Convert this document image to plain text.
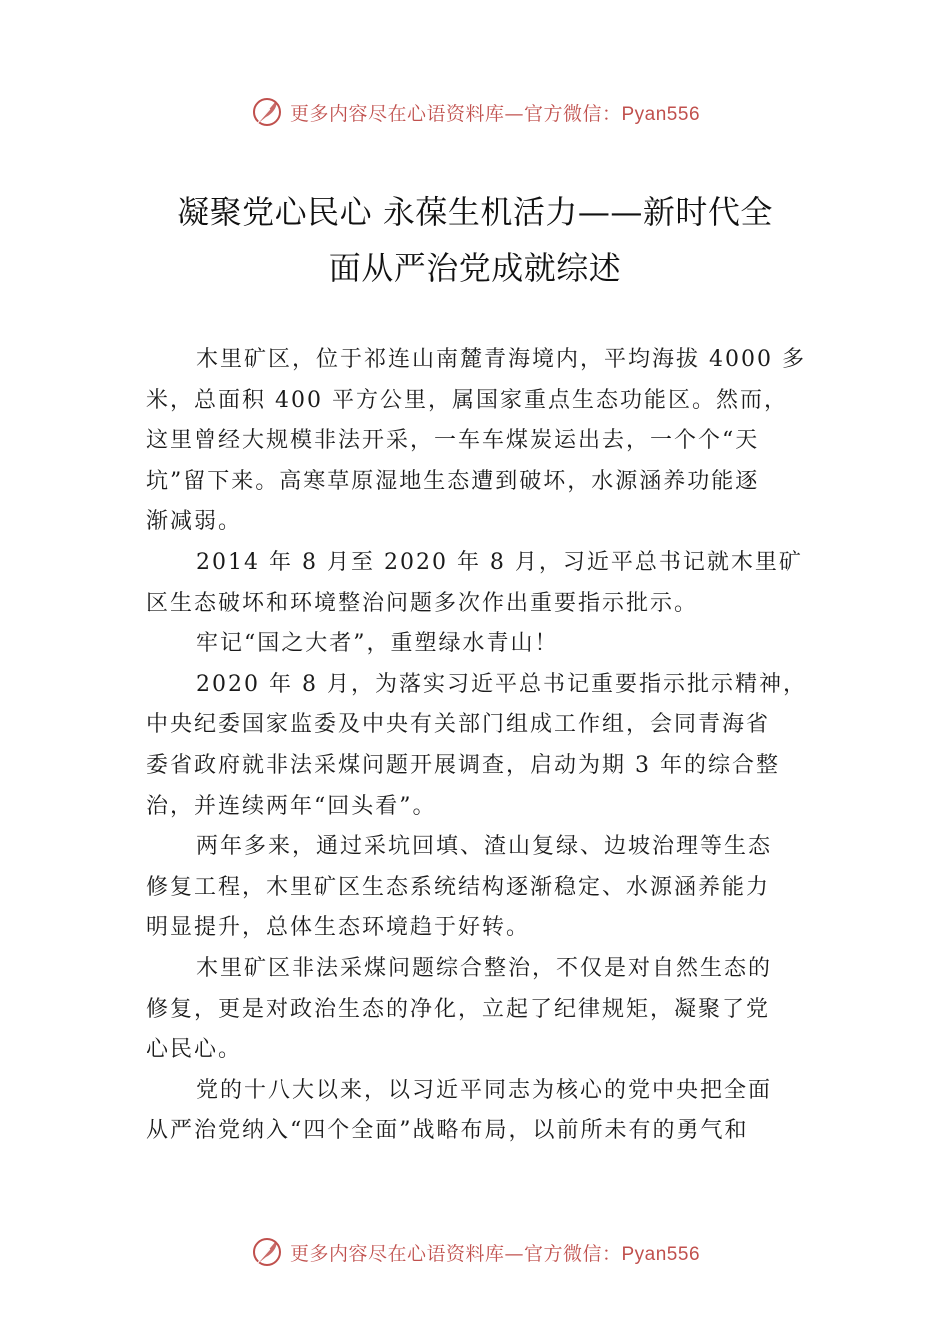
更多内容尽在心语资料库—官方微信：Pyan556
凝聚党心民心 永葆生机活力——新时代全
面从严治党成就综述
木里矿区，位于祁连山南麓青海境内，平均海拔 4000 多
米，总面积 400 平方公里，属国家重点生态功能区。然而，
这里曾经大规模非法开采，一车车煤炭运出去，一个个“天
坑”留下来。高寒草原湿地生态遭到破坏，水源涵养功能逐
渐减弱。
2014 年 8 月至 2020 年 8 月，习近平总书记就木里矿
区生态破坏和环境整治问题多次作出重要指示批示。
牢记“国之大者”，重塑绿水青山！
2020 年 8 月，为落实习近平总书记重要指示批示精神，
中央纪委国家监委及中央有关部门组成工作组，会同青海省
委省政府就非法采煤问题开展调查，启动为期 3 年的综合整
治，并连续两年“回头看”。
两年多来，通过采坑回填、渣山复绿、边坡治理等生态
修复工程，木里矿区生态系统结构逐渐稳定、水源涵养能力
明显提升，总体生态环境趋于好转。
木里矿区非法采煤问题综合整治，不仅是对自然生态的
修复，更是对政治生态的净化，立起了纪律规矩，凝聚了党
心民心。
党的十八大以来，以习近平同志为核心的党中央把全面
从严治党纳入“四个全面”战略布局，以前所未有的勇气和
更多内容尽在心语资料库—官方微信：Pyan556
